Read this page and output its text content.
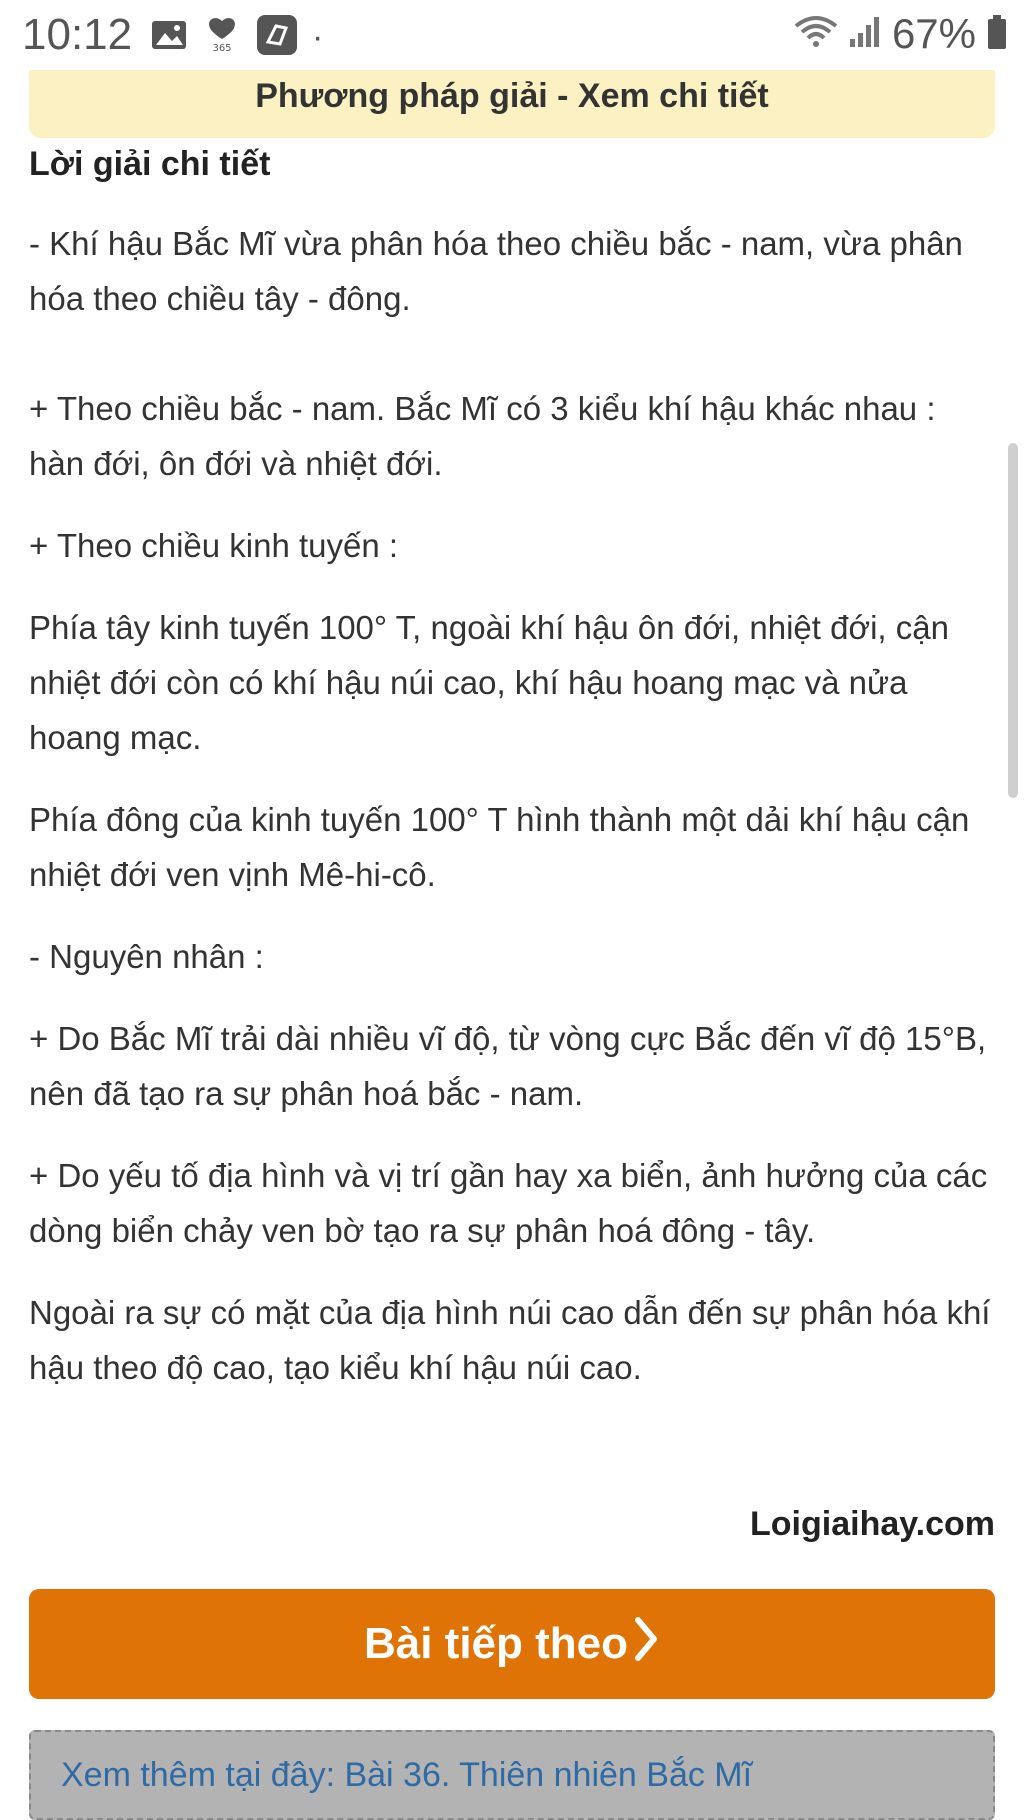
10:12	365 ·	67%
Phương pháp giải - Xem chi tiết

Lời giải chi tiết

- Khí hậu Bắc Mĩ vừa phân hóa theo chiều bắc - nam, vừa phân hóa theo chiều tây - đông.

+ Theo chiều bắc - nam. Bắc Mĩ có 3 kiểu khí hậu khác nhau : hàn đới, ôn đới và nhiệt đới.

+ Theo chiều kinh tuyến :

Phía tây kinh tuyến 100° T, ngoài khí hậu ôn đới, nhiệt đới, cận nhiệt đới còn có khí hậu núi cao, khí hậu hoang mạc và nửa hoang mạc.

Phía đông của kinh tuyến 100° T hình thành một dải khí hậu cận nhiệt đới ven vịnh Mê-hi-cô.

- Nguyên nhân :

+ Do Bắc Mĩ trải dài nhiều vĩ độ, từ vòng cực Bắc đến vĩ độ 15°B, nên đã tạo ra sự phân hoá bắc - nam.

+ Do yếu tố địa hình và vị trí gần hay xa biển, ảnh hưởng của các dòng biển chảy ven bờ tạo ra sự phân hoá đông - tây.

Ngoài ra sự có mặt của địa hình núi cao dẫn đến sự phân hóa khí hậu theo độ cao, tạo kiểu khí hậu núi cao.

Loigiaihay.com
Bài tiếp theo
Xem thêm tại đây: Bài 36. Thiên nhiên Bắc Mĩ
